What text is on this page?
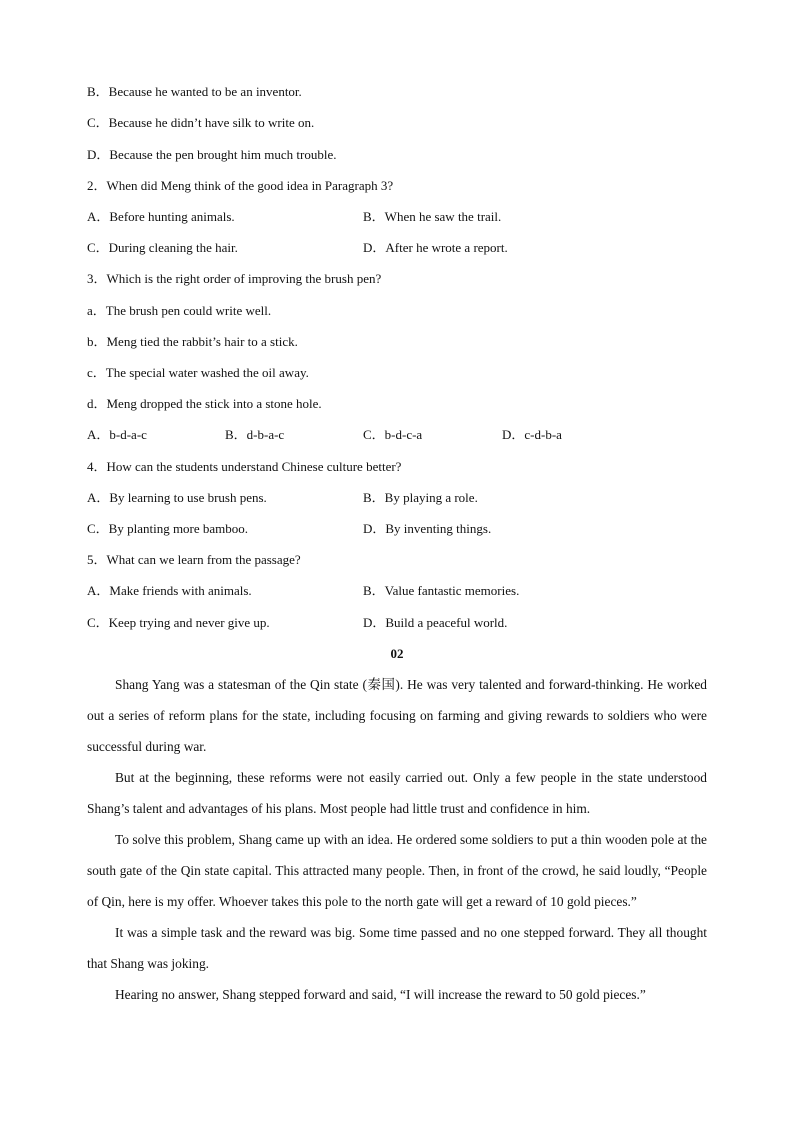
B．Because he wanted to be an inventor.
C．Because he didn’t have silk to write on.
D．Because the pen brought him much trouble.
2．When did Meng think of the good idea in Paragraph 3?
A．Before hunting animals.	B．When he saw the trail.
C．During cleaning the hair.	D．After he wrote a report.
3．Which is the right order of improving the brush pen?
a．The brush pen could write well.
b．Meng tied the rabbit’s hair to a stick.
c．The special water washed the oil away.
d．Meng dropped the stick into a stone hole.
A．b-d-a-c	B．d-b-a-c	C．b-d-c-a	D．c-d-b-a
4．How can the students understand Chinese culture better?
A．By learning to use brush pens.	B．By playing a role.
C．By planting more bamboo.	D．By inventing things.
5．What can we learn from the passage?
A．Make friends with animals.	B．Value fantastic memories.
C．Keep trying and never give up.	D．Build a peaceful world.
02

Shang Yang was a statesman of the Qin state (秦国). He was very talented and forward-thinking. He worked out a series of reform plans for the state, including focusing on farming and giving rewards to soldiers who were successful during war.

But at the beginning, these reforms were not easily carried out. Only a few people in the state understood Shang’s talent and advantages of his plans. Most people had little trust and confidence in him.

To solve this problem, Shang came up with an idea. He ordered some soldiers to put a thin wooden pole at the south gate of the Qin state capital. This attracted many people. Then, in front of the crowd, he said loudly, “People of Qin, here is my offer. Whoever takes this pole to the north gate will get a reward of 10 gold pieces.”

It was a simple task and the reward was big. Some time passed and no one stepped forward. They all thought that Shang was joking.

Hearing no answer, Shang stepped forward and said, “I will increase the reward to 50 gold pieces.”
